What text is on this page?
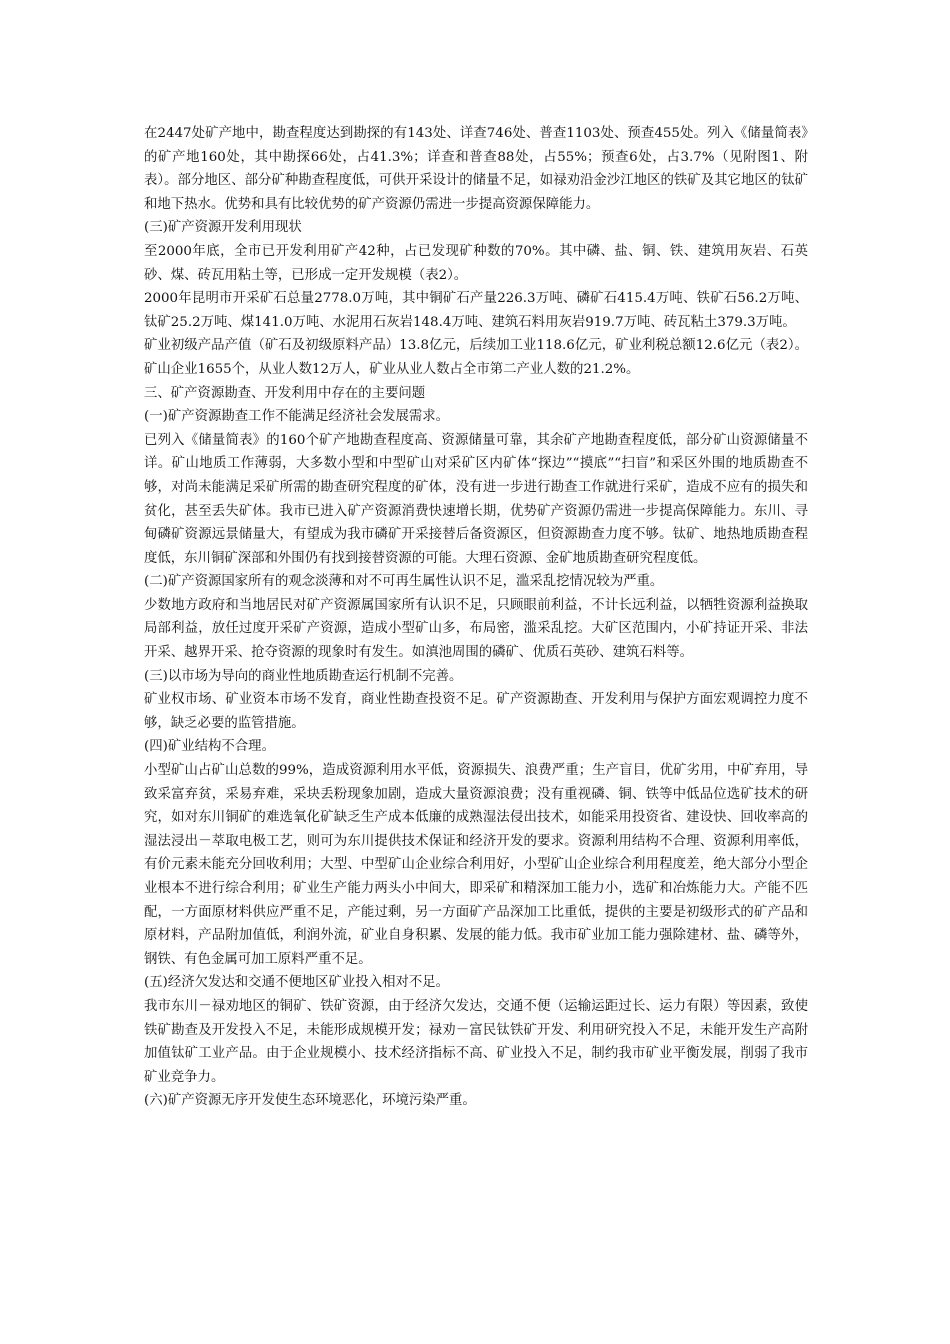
在2447处矿产地中，勘查程度达到勘探的有143处、详查746处、普查1103处、预查455处。列入《储量简表》的矿产地160处，其中勘探66处，占41.3%；详查和普查88处，占55%；预查6处，占3.7%（见附图1、附表）。部分地区、部分矿种勘查程度低，可供开采设计的储量不足，如禄劝沿金沙江地区的铁矿及其它地区的钛矿和地下热水。优势和具有比较优势的矿产资源仍需进一步提高资源保障能力。

(三)矿产资源开发利用现状

至2000年底，全市已开发利用矿产42种，占已发现矿种数的70%。其中磷、盐、铜、铁、建筑用灰岩、石英砂、煤、砖瓦用粘土等，已形成一定开发规模（表2）。

2000年昆明市开采矿石总量2778.0万吨，其中铜矿石产量226.3万吨、磷矿石415.4万吨、铁矿石56.2万吨、钛矿25.2万吨、煤141.0万吨、水泥用石灰岩148.4万吨、建筑石料用灰岩919.7万吨、砖瓦粘土379.3万吨。

矿业初级产品产值（矿石及初级原料产品）13.8亿元，后续加工业118.6亿元，矿业利税总额12.6亿元（表2）。矿山企业1655个，从业人数12万人，矿业从业人数占全市第二产业人数的21.2%。

三、矿产资源勘查、开发利用中存在的主要问题

(一)矿产资源勘查工作不能满足经济社会发展需求。

已列入《储量简表》的160个矿产地勘查程度高、资源储量可靠，其余矿产地勘查程度低，部分矿山资源储量不详。矿山地质工作薄弱，大多数小型和中型矿山对采矿区内矿体“探边”“摸底”“扫盲”和采区外围的地质勘查不够，对尚未能满足采矿所需的勘查研究程度的矿体，没有进一步进行勘查工作就进行采矿，造成不应有的损失和贫化，甚至丢失矿体。我市已进入矿产资源消费快速增长期，优势矿产资源仍需进一步提高保障能力。东川、寻甸磷矿资源远景储量大，有望成为我市磷矿开采接替后备资源区，但资源勘查力度不够。钛矿、地热地质勘查程度低，东川铜矿深部和外围仍有找到接替资源的可能。大理石资源、金矿地质勘查研究程度低。

(二)矿产资源国家所有的观念淡薄和对不可再生属性认识不足，滥采乱挖情况较为严重。

少数地方政府和当地居民对矿产资源属国家所有认识不足，只顾眼前利益，不计长远利益，以牺牲资源利益换取局部利益，放任过度开采矿产资源，造成小型矿山多，布局密，滥采乱挖。大矿区范围内，小矿持证开采、非法开采、越界开采、抢夺资源的现象时有发生。如滇池周围的磷矿、优质石英砂、建筑石料等。

(三)以市场为导向的商业性地质勘查运行机制不完善。

矿业权市场、矿业资本市场不发育，商业性勘查投资不足。矿产资源勘查、开发利用与保护方面宏观调控力度不够，缺乏必要的监管措施。

(四)矿业结构不合理。

小型矿山占矿山总数的99%，造成资源利用水平低，资源损失、浪费严重；生产盲目，优矿劣用，中矿弃用，导致采富弃贫，采易弃难，采块丢粉现象加剧，造成大量资源浪费；没有重视磷、铜、铁等中低品位选矿技术的研究，如对东川铜矿的难选氧化矿缺乏生产成本低廉的成熟湿法侵出技术，如能采用投资省、建设快、回收率高的湿法浸出－萃取电极工艺，则可为东川提供技术保证和经济开发的要求。资源利用结构不合理、资源利用率低，有价元素未能充分回收利用；大型、中型矿山企业综合利用好，小型矿山企业综合利用程度差，绝大部分小型企业根本不进行综合利用；矿业生产能力两头小中间大，即采矿和精深加工能力小，选矿和冶炼能力大。产能不匹配，一方面原材料供应严重不足，产能过剩，另一方面矿产品深加工比重低，提供的主要是初级形式的矿产品和原材料，产品附加值低，利润外流，矿业自身积累、发展的能力低。我市矿业加工能力强除建材、盐、磷等外，钢铁、有色金属可加工原料严重不足。

(五)经济欠发达和交通不便地区矿业投入相对不足。

我市东川－禄劝地区的铜矿、铁矿资源，由于经济欠发达，交通不便（运输运距过长、运力有限）等因素，致使铁矿勘查及开发投入不足，未能形成规模开发；禄劝－富民钛铁矿开发、利用研究投入不足，未能开发生产高附加值钛矿工业产品。由于企业规模小、技术经济指标不高、矿业投入不足，制约我市矿业平衡发展，削弱了我市矿业竞争力。

(六)矿产资源无序开发使生态环境恶化，环境污染严重。
